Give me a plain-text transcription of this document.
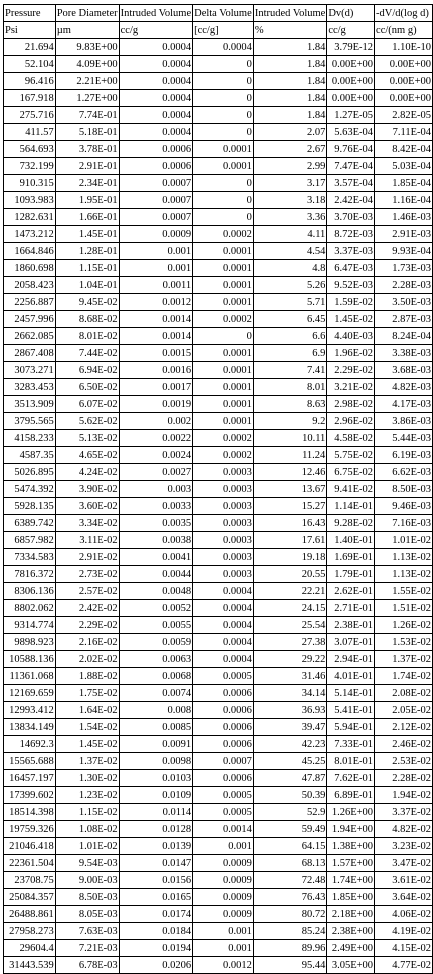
Pressure	Pore Diameter	Intruded Volume	Delta Volume	Intruded Volume	Dv(d)	-dV/d(log d)
Psi	µm	cc/g	[cc/g]	%	cc/g	cc/(nm g)
21.694	9.83E+00	0.0004	0.0004	1.84	3.79E-12	1.10E-10
52.104	4.09E+00	0.0004	0	1.84	0.00E+00	0.00E+00
96.416	2.21E+00	0.0004	0	1.84	0.00E+00	0.00E+00
167.918	1.27E+00	0.0004	0	1.84	0.00E+00	0.00E+00
275.716	7.74E-01	0.0004	0	1.84	1.27E-05	2.82E-05
411.57	5.18E-01	0.0004	0	2.07	5.63E-04	7.11E-04
564.693	3.78E-01	0.0006	0.0001	2.67	9.76E-04	8.42E-04
732.199	2.91E-01	0.0006	0.0001	2.99	7.47E-04	5.03E-04
910.315	2.34E-01	0.0007	0	3.17	3.57E-04	1.85E-04
1093.983	1.95E-01	0.0007	0	3.18	2.42E-04	1.16E-04
1282.631	1.66E-01	0.0007	0	3.36	3.70E-03	1.46E-03
1473.212	1.45E-01	0.0009	0.0002	4.11	8.72E-03	2.91E-03
1664.846	1.28E-01	0.001	0.0001	4.54	3.37E-03	9.93E-04
1860.698	1.15E-01	0.001	0.0001	4.8	6.47E-03	1.73E-03
2058.423	1.04E-01	0.0011	0.0001	5.26	9.52E-03	2.28E-03
2256.887	9.45E-02	0.0012	0.0001	5.71	1.59E-02	3.50E-03
2457.996	8.68E-02	0.0014	0.0002	6.45	1.45E-02	2.87E-03
2662.085	8.01E-02	0.0014	0	6.6	4.40E-03	8.24E-04
2867.408	7.44E-02	0.0015	0.0001	6.9	1.96E-02	3.38E-03
3073.271	6.94E-02	0.0016	0.0001	7.41	2.29E-02	3.68E-03
3283.453	6.50E-02	0.0017	0.0001	8.01	3.21E-02	4.82E-03
3513.909	6.07E-02	0.0019	0.0001	8.63	2.98E-02	4.17E-03
3795.565	5.62E-02	0.002	0.0001	9.2	2.96E-02	3.86E-03
4158.233	5.13E-02	0.0022	0.0002	10.11	4.58E-02	5.44E-03
4587.35	4.65E-02	0.0024	0.0002	11.24	5.75E-02	6.19E-03
5026.895	4.24E-02	0.0027	0.0003	12.46	6.75E-02	6.62E-03
5474.392	3.90E-02	0.003	0.0003	13.67	9.41E-02	8.50E-03
5928.135	3.60E-02	0.0033	0.0003	15.27	1.14E-01	9.46E-03
6389.742	3.34E-02	0.0035	0.0003	16.43	9.28E-02	7.16E-03
6857.982	3.11E-02	0.0038	0.0003	17.61	1.40E-01	1.01E-02
7334.583	2.91E-02	0.0041	0.0003	19.18	1.69E-01	1.13E-02
7816.372	2.73E-02	0.0044	0.0003	20.55	1.79E-01	1.13E-02
8306.136	2.57E-02	0.0048	0.0004	22.21	2.62E-01	1.55E-02
8802.062	2.42E-02	0.0052	0.0004	24.15	2.71E-01	1.51E-02
9314.774	2.29E-02	0.0055	0.0004	25.54	2.38E-01	1.26E-02
9898.923	2.16E-02	0.0059	0.0004	27.38	3.07E-01	1.53E-02
10588.136	2.02E-02	0.0063	0.0004	29.22	2.94E-01	1.37E-02
11361.068	1.88E-02	0.0068	0.0005	31.46	4.01E-01	1.74E-02
12169.659	1.75E-02	0.0074	0.0006	34.14	5.14E-01	2.08E-02
12993.412	1.64E-02	0.008	0.0006	36.93	5.41E-01	2.05E-02
13834.149	1.54E-02	0.0085	0.0006	39.47	5.94E-01	2.12E-02
14692.3	1.45E-02	0.0091	0.0006	42.23	7.33E-01	2.46E-02
15565.688	1.37E-02	0.0098	0.0007	45.25	8.01E-01	2.53E-02
16457.197	1.30E-02	0.0103	0.0006	47.87	7.62E-01	2.28E-02
17399.602	1.23E-02	0.0109	0.0005	50.39	6.89E-01	1.94E-02
18514.398	1.15E-02	0.0114	0.0005	52.9	1.26E+00	3.37E-02
19759.326	1.08E-02	0.0128	0.0014	59.49	1.94E+00	4.82E-02
21046.418	1.01E-02	0.0139	0.001	64.15	1.38E+00	3.23E-02
22361.504	9.54E-03	0.0147	0.0009	68.13	1.57E+00	3.47E-02
23708.75	9.00E-03	0.0156	0.0009	72.48	1.74E+00	3.61E-02
25084.357	8.50E-03	0.0165	0.0009	76.43	1.85E+00	3.64E-02
26488.861	8.05E-03	0.0174	0.0009	80.72	2.18E+00	4.06E-02
27958.273	7.63E-03	0.0184	0.001	85.24	2.38E+00	4.19E-02
29604.4	7.21E-03	0.0194	0.001	89.96	2.49E+00	4.15E-02
31443.539	6.78E-03	0.0206	0.0012	95.44	3.05E+00	4.77E-02
